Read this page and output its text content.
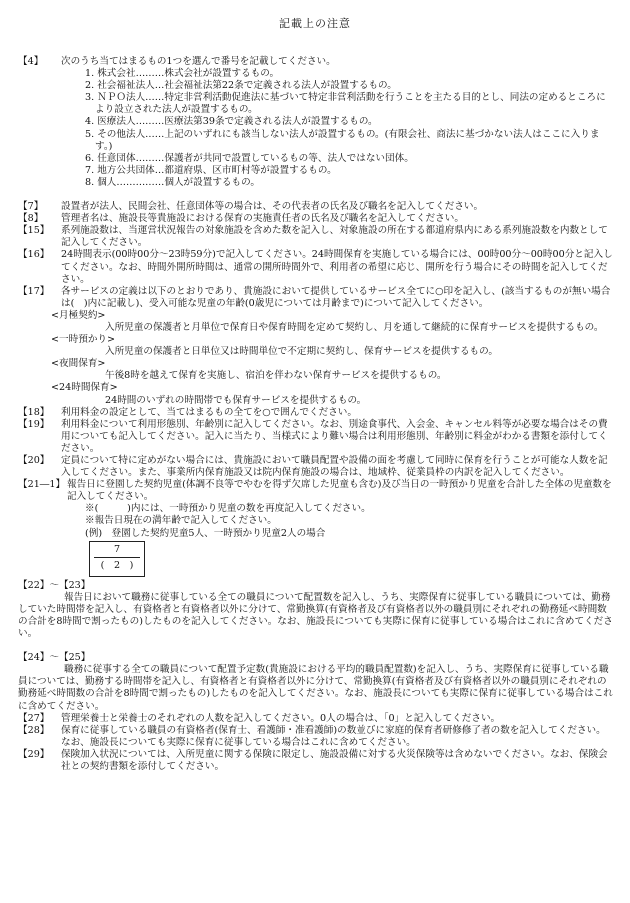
記載上の注意
【4】	次のうち当てはまるもの1つを選んで番号を記載してください。

1. 株式会社………株式会社が設置するもの。

2. 社会福祉法人…社会福祉法第22条で定義される法人が設置するもの。

3. ＮＰＯ法人……特定非営利活動促進法に基づいて特定非営利活動を行うことを主たる目的とし、同法の定めるところにより設立された法人が設置するもの。

4. 医療法人………医療法第39条で定義される法人が設置するもの。

5. その他法人……上記のいずれにも該当しない法人が設置するもの。(有限会社、商法に基づかない法人はここに入ります。)

6. 任意団体………保護者が共同で設置しているもの等、法人ではない団体。

7. 地方公共団体…都道府県、区市町村等が設置するもの。

8. 個人……………個人が設置するもの。

【7】	設置者が法人、民間会社、任意団体等の場合は、その代表者の氏名及び職名を記入してください。

【8】	管理者名は、施設長等貴施設における保育の実施責任者の氏名及び職名を記入してください。

【15】	系列施設数は、当運営状況報告の対象施設を含めた数を記入し、対象施設の所在する都道府県内にある系列施設数を内数として記入してください。

【16】	24時間表示(00時00分～23時59分)で記入してください。24時間保育を実施している場合には、00時00分～00時00分と記入してください。なお、時間外開所時間は、通常の開所時間外で、利用者の希望に応じ、開所を行う場合にその時間を記入してください。

【17】	各サービスの定義は以下のとおりであり、貴施設において提供しているサービス全てに○印を記入し、(該当するものが無い場合は(　)内に記載し)、受入可能な児童の年齢(0歳児については月齢まで)について記入してください。

<月極契約>

入所児童の保護者と月単位で保育日や保育時間を定めて契約し、月を通して継続的に保育サービスを提供するもの。

<一時預かり>

入所児童の保護者と日単位又は時間単位で不定期に契約し、保育サービスを提供するもの。

<夜間保育>

午後8時を越えて保育を実施し、宿泊を伴わない保育サービスを提供するもの。

<24時間保育>

24時間のいずれの時間帯でも保育サービスを提供するもの。

【18】	利用料金の設定として、当てはまるもの全てを○で囲んでください。

【19】	利用料金について利用形態別、年齢別に記入してください。なお、別途食事代、入会金、キャンセル料等が必要な場合はその費用についても記入してください。記入に当たり、当様式により難い場合は利用形態別、年齢別に料金がわかる書類を添付してください。

【20】	定員について特に定めがない場合には、貴施設において職員配置や設備の面を考慮して同時に保育を行うことが可能な人数を記入してください。また、事業所内保育施設又は院内保育施設の場合は、地域枠、従業員枠の内訳を記入してください。

【21―1】 報告日に登園した契約児童(体調不良等でやむを得ず欠席した児童も含む)及び当日の一時預かり児童を合計した全体の児童数を記入してください。

※(　　　)内には、一時預かり児童の数を再度記入してください。

※報告日現在の満年齢で記入してください。

(例)　登園した契約児童5人、一時預かり児童2人の場合

7
(　2　)

【22】～【23】

報告日において職務に従事している全ての職員について配置数を記入し、うち、実際保育に従事している職員については、勤務していた時間帯を記入し、有資格者と有資格者以外に分けて、常勤換算(有資格者及び有資格者以外の職員別にそれぞれの勤務延べ時間数の合計を8時間で割ったもの)したものを記入してください。なお、施設長についても実際に保育に従事している場合はこれに含めてください。

【24】～【25】

職務に従事する全ての職員について配置予定数(貴施設における平均的職員配置数)を記入し、うち、実際保育に従事している職員については、勤務する時間帯を記入し、有資格者と有資格者以外に分けて、常勤換算(有資格者及び有資格者以外の職員別にそれぞれの勤務延べ時間数の合計を8時間で割ったもの)したものを記入してください。なお、施設長についても実際に保育に従事している場合はこれに含めてください。

【27】	管理栄養士と栄養士のそれぞれの人数を記入してください。0人の場合は、「0」と記入してください。

【28】	保育に従事している職員の有資格者(保育士、看護師・准看護師)の数並びに家庭的保育者研修修了者の数を記入してください。なお、施設長についても実際に保育に従事している場合はこれに含めてください。

【29】	保険加入状況については、入所児童に関する保険に限定し、施設設備に対する火災保険等は含めないでください。なお、保険会社との契約書類を添付してください。
